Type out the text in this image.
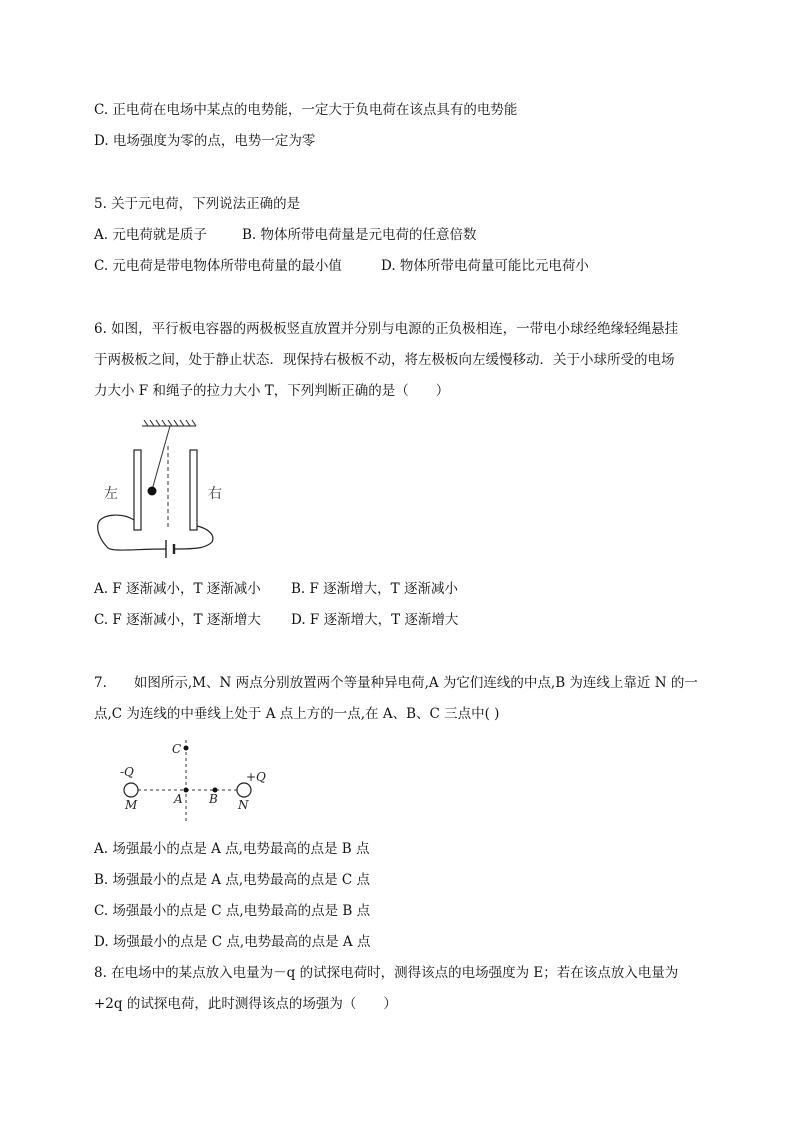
C. 正电荷在电场中某点的电势能，一定大于负电荷在该点具有的电势能
D. 电场强度为零的点，电势一定为零
5. 关于元电荷，下列说法正确的是
A. 元电荷就是质子	B. 物体所带电荷量是元电荷的任意倍数
C. 元电荷是带电物体所带电荷量的最小值	D. 物体所带电荷量可能比元电荷小
6. 如图，平行板电容器的两极板竖直放置并分别与电源的正负极相连，一带电小球经绝缘轻绳悬挂
于两极板之间，处于静止状态．现保持右极板不动，将左极板向左缓慢移动．关于小球所受的电场
力大小 F 和绳子的拉力大小 T，下列判断正确的是（　　）
左	右
A. F 逐渐减小，T 逐渐减小 B. F 逐渐增大，T 逐渐减小
C. F 逐渐减小，T 逐渐增大 D. F 逐渐增大，T 逐渐增大
7.　　如图所示,M、N 两点分别放置两个等量种异电荷,A 为它们连线的中点,B 为连线上靠近 N 的一
点,C 为连线的中垂线上处于 A 点上方的一点,在 A、B、C 三点中( )
C
-Q	+Q
M	A B N
A. 场强最小的点是 A 点,电势最高的点是 B 点
B. 场强最小的点是 A 点,电势最高的点是 C 点
C. 场强最小的点是 C 点,电势最高的点是 B 点
D. 场强最小的点是 C 点,电势最高的点是 A 点
8. 在电场中的某点放入电量为－q 的试探电荷时，测得该点的电场强度为 E；若在该点放入电量为
+2q 的试探电荷，此时测得该点的场强为（　　）
